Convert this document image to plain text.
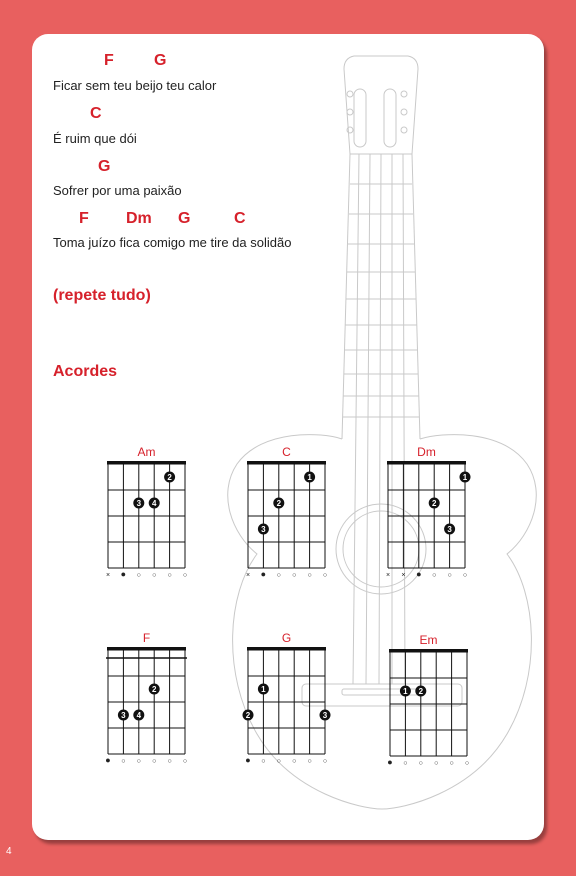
F	G
Ficar sem teu beijo teu calor
C
É ruim que dói
G
Sofrer por uma paixão
F Dm G	C
Toma juízo fica comigo me tire da solidão
(repete tudo)
Acordes
Am
2
3 4
× ● ○ ○ ○ ○
C
1
2
3
× ● ○ ○ ○ ○
Dm
1
2
3
× × ● ○ ○ ○
F
2
3 4
● ○ ○ ○ ○ ○
G
1
2	3
● ○ ○ ○ ○ ○
Em
1 2
● ○ ○ ○ ○ ○
4
